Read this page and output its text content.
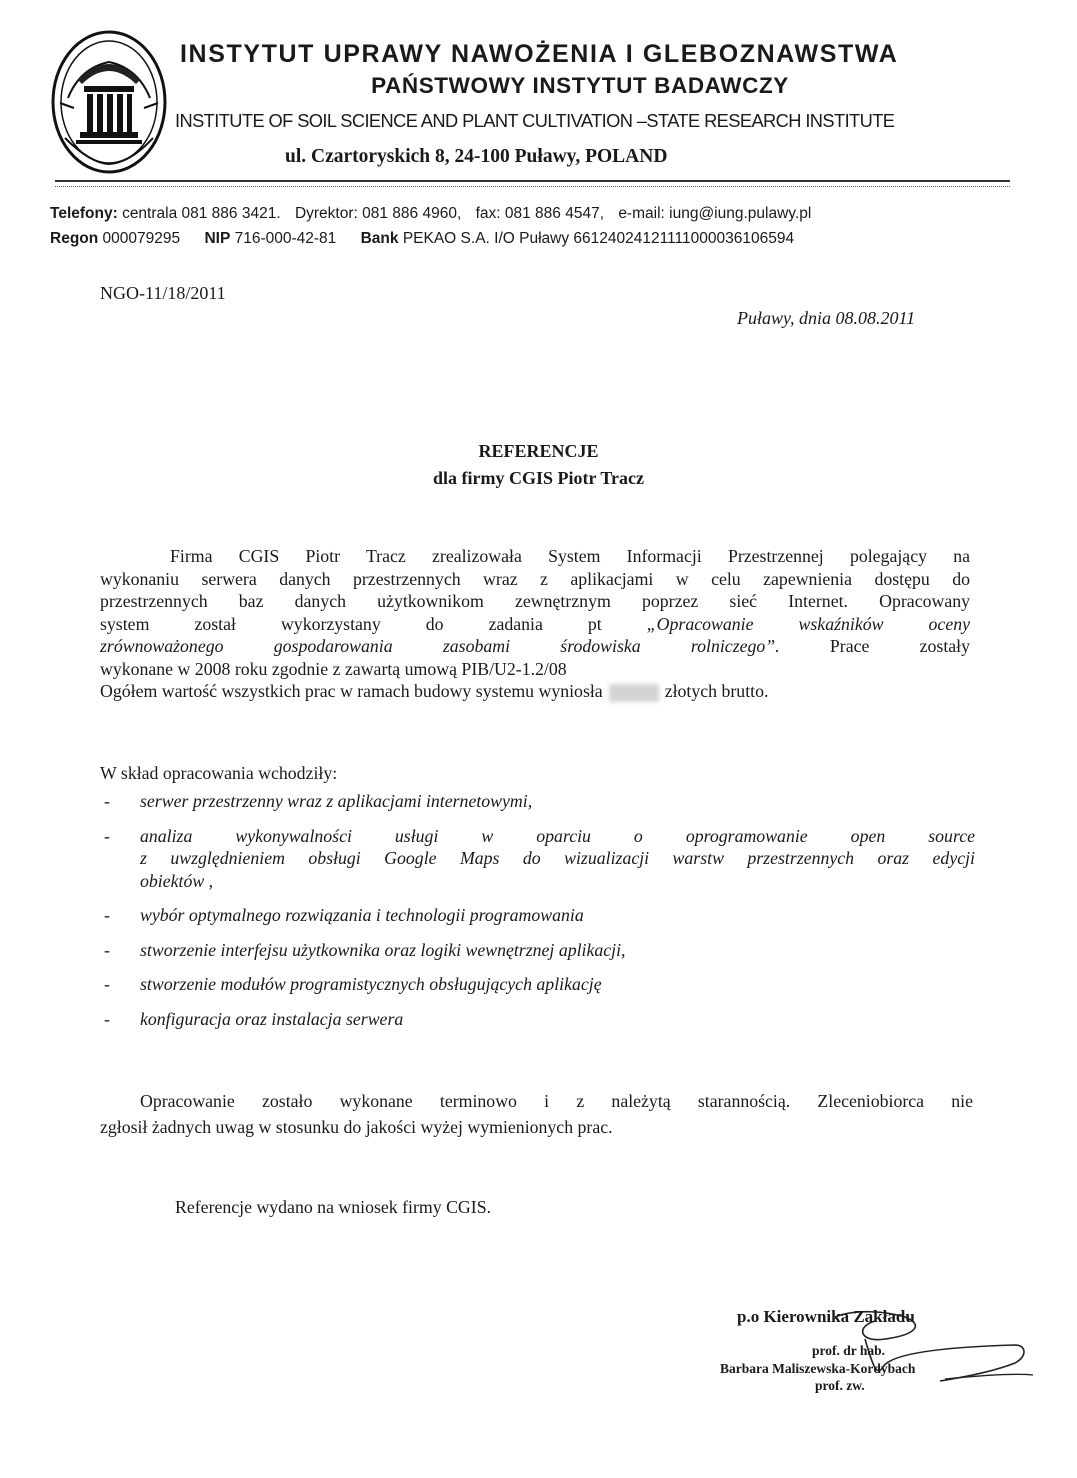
INSTYTUT UPRAWY NAWOŻENIA I GLEBOZNAWSTWA
PAŃSTWOWY INSTYTUT BADAWCZY
INSTITUTE OF SOIL SCIENCE AND PLANT CULTIVATION –STATE RESEARCH INSTITUTE
ul. Czartoryskich 8, 24-100 Puławy, POLAND
Telefony: centrala 081 886 3421. Dyrektor: 081 886 4960, fax: 081 886 4547, e-mail: iung@iung.pulawy.pl
Regon 000079295 NIP 716-000-42-81 Bank PEKAO S.A. I/O Puławy 66124024121111000036106594
NGO-11/18/2011
Puławy, dnia 08.08.2011
REFERENCJE
dla firmy CGIS Piotr Tracz
Firma CGIS Piotr Tracz zrealizowała System Informacji Przestrzennej polegający na
wykonaniu serwera danych przestrzennych wraz z aplikacjami w celu zapewnienia dostępu do
przestrzennych baz danych użytkownikom zewnętrznym poprzez sieć Internet. Opracowany
system został wykorzystany do zadania pt	„Opracowanie wskaźników oceny
zrównoważonego gospodarowania zasobami środowiska rolniczego”.	Prace zostały
wykonane w 2008 roku zgodnie z zawartą umową PIB/U2-1.2/08
Ogółem wartość wszystkich prac w ramach budowy systemu wyniosła	złotych brutto.
W skład opracowania wchodziły:
- serwer przestrzenny wraz z aplikacjami internetowymi,
- analiza wykonywalności usługi w oparciu o oprogramowanie open source
z uwzględnieniem obsługi Google Maps do wizualizacji warstw przestrzennych oraz edycji
obiektów ,
- wybór optymalnego rozwiązania i technologii programowania
- stworzenie interfejsu użytkownika oraz logiki wewnętrznej aplikacji,
- stworzenie modułów programistycznych obsługujących aplikację
- konfiguracja oraz instalacja serwera
Opracowanie zostało wykonane terminowo i z należytą starannością. Zleceniobiorca nie
zgłosił żadnych uwag w stosunku do jakości wyżej wymienionych prac.
Referencje wydano na wniosek firmy CGIS.
p.o Kierownika Zakładu
prof. dr hab.
Barbara Maliszewska-Kordybach
prof. zw.
